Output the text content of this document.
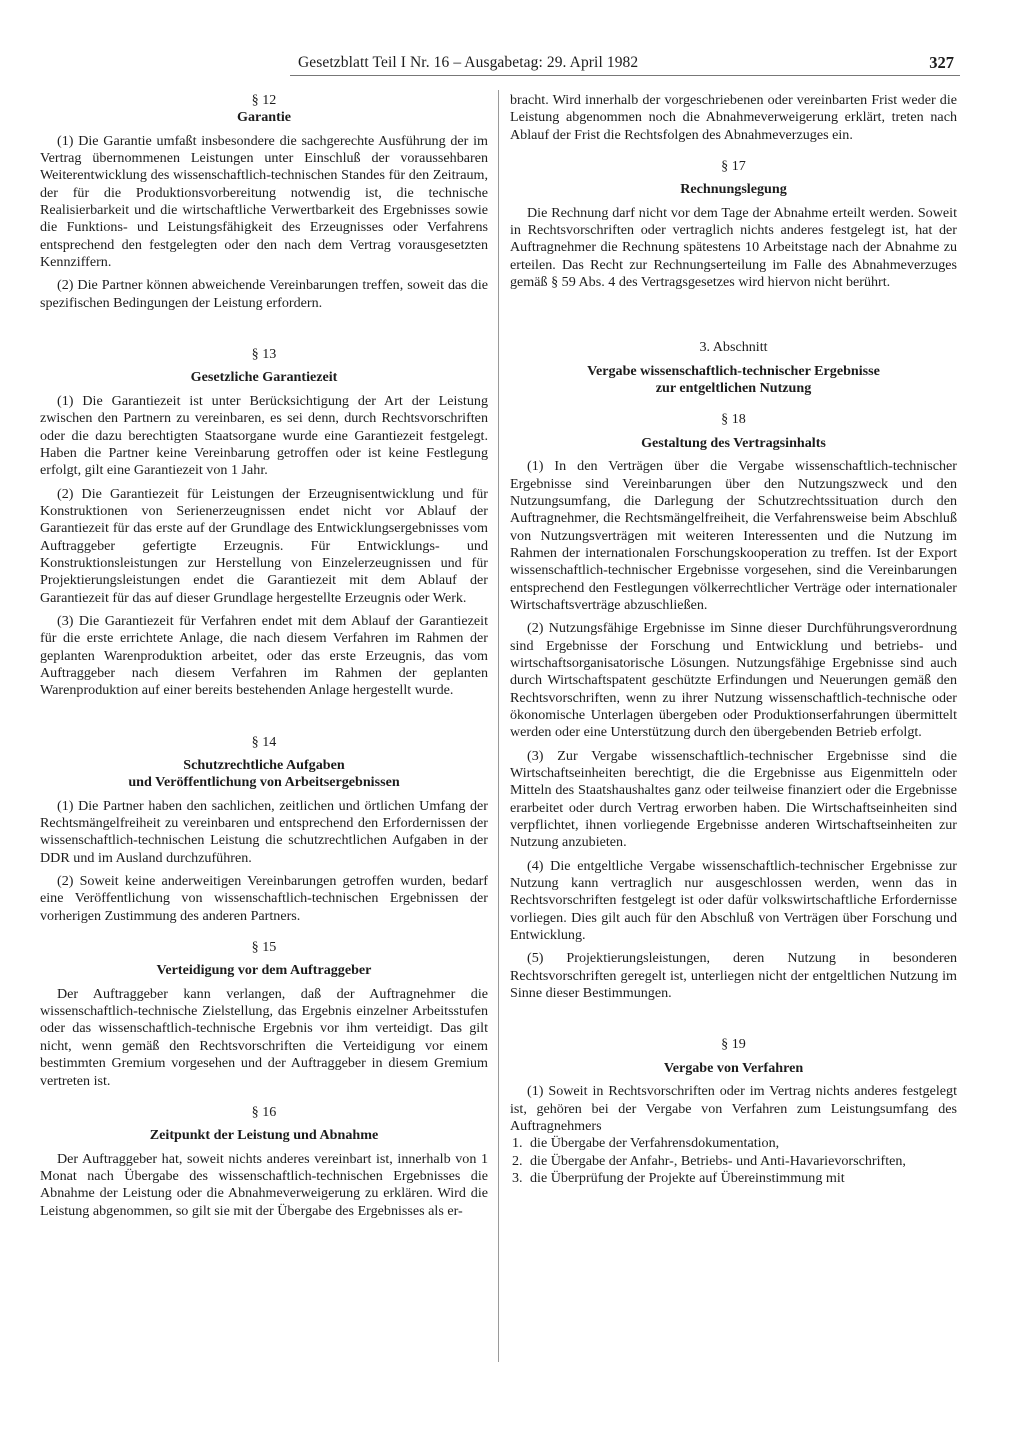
Gesetzblatt Teil I Nr. 16 – Ausgabetag: 29. April 1982	327
§ 12
Garantie

(1) Die Garantie umfaßt insbesondere die sachgerechte Ausführung der im Vertrag übernommenen Leistungen unter Einschluß der voraussehbaren Weiterentwicklung des wissenschaftlich-technischen Standes für den Zeitraum, der für die Produktionsvorbereitung notwendig ist, die technische Realisierbarkeit und die wirtschaftliche Verwertbarkeit des Ergebnisses sowie die Funktions- und Leistungsfähigkeit des Erzeugnisses oder Verfahrens entsprechend den festgelegten oder den nach dem Vertrag vorausgesetzten Kennziffern.

(2) Die Partner können abweichende Vereinbarungen treffen, soweit das die spezifischen Bedingungen der Leistung erfordern.

§ 13
Gesetzliche Garantiezeit

(1) Die Garantiezeit ist unter Berücksichtigung der Art der Leistung zwischen den Partnern zu vereinbaren, es sei denn, durch Rechtsvorschriften oder die dazu berechtigten Staatsorgane wurde eine Garantiezeit festgelegt. Haben die Partner keine Vereinbarung getroffen oder ist keine Festlegung erfolgt, gilt eine Garantiezeit von 1 Jahr.

(2) Die Garantiezeit für Leistungen der Erzeugnisentwicklung und für Konstruktionen von Serienerzeugnissen endet nicht vor Ablauf der Garantiezeit für das erste auf der Grundlage des Entwicklungsergebnisses vom Auftraggeber gefertigte Erzeugnis. Für Entwicklungs- und Konstruktionsleistungen zur Herstellung von Einzelerzeugnissen und für Projektierungsleistungen endet die Garantiezeit mit dem Ablauf der Garantiezeit für das auf dieser Grundlage hergestellte Erzeugnis oder Werk.

(3) Die Garantiezeit für Verfahren endet mit dem Ablauf der Garantiezeit für die erste errichtete Anlage, die nach diesem Verfahren im Rahmen der geplanten Warenproduktion arbeitet, oder das erste Erzeugnis, das vom Auftraggeber nach diesem Verfahren im Rahmen der geplanten Warenproduktion auf einer bereits bestehenden Anlage hergestellt wurde.

§ 14
Schutzrechtliche Aufgaben
und Veröffentlichung von Arbeitsergebnissen

(1) Die Partner haben den sachlichen, zeitlichen und örtlichen Umfang der Rechtsmängelfreiheit zu vereinbaren und entsprechend den Erfordernissen der wissenschaftlich-technischen Leistung die schutzrechtlichen Aufgaben in der DDR und im Ausland durchzuführen.

(2) Soweit keine anderweitigen Vereinbarungen getroffen wurden, bedarf eine Veröffentlichung von wissenschaftlich-technischen Ergebnissen der vorherigen Zustimmung des anderen Partners.

§ 15
Verteidigung vor dem Auftraggeber

Der Auftraggeber kann verlangen, daß der Auftragnehmer die wissenschaftlich-technische Zielstellung, das Ergebnis einzelner Arbeitsstufen oder das wissenschaftlich-technische Ergebnis vor ihm verteidigt. Das gilt nicht, wenn gemäß den Rechtsvorschriften die Verteidigung vor einem bestimmten Gremium vorgesehen und der Auftraggeber in diesem Gremium vertreten ist.

§ 16
Zeitpunkt der Leistung und Abnahme

Der Auftraggeber hat, soweit nichts anderes vereinbart ist, innerhalb von 1 Monat nach Übergabe des wissenschaftlich-technischen Ergebnisses die Abnahme der Leistung oder die Abnahmeverweigerung zu erklären. Wird die Leistung abgenommen, so gilt sie mit der Übergabe des Ergebnisses als er-

bracht. Wird innerhalb der vorgeschriebenen oder vereinbarten Frist weder die Leistung abgenommen noch die Abnahmeverweigerung erklärt, treten nach Ablauf der Frist die Rechtsfolgen des Abnahmeverzuges ein.

§ 17
Rechnungslegung

Die Rechnung darf nicht vor dem Tage der Abnahme erteilt werden. Soweit in Rechtsvorschriften oder vertraglich nichts anderes festgelegt ist, hat der Auftragnehmer die Rechnung spätestens 10 Arbeitstage nach der Abnahme zu erteilen. Das Recht zur Rechnungserteilung im Falle des Abnahmeverzuges gemäß § 59 Abs. 4 des Vertragsgesetzes wird hiervon nicht berührt.

3. Abschnitt
Vergabe wissenschaftlich-technischer Ergebnisse
zur entgeltlichen Nutzung
§ 18
Gestaltung des Vertragsinhalts

(1) In den Verträgen über die Vergabe wissenschaftlich-technischer Ergebnisse sind Vereinbarungen über den Nutzungszweck und den Nutzungsumfang, die Darlegung der Schutzrechtssituation durch den Auftragnehmer, die Rechtsmängelfreiheit, die Verfahrensweise beim Abschluß von Nutzungsverträgen mit weiteren Interessenten und die Nutzung im Rahmen der internationalen Forschungskooperation zu treffen. Ist der Export wissenschaftlich-technischer Ergebnisse vorgesehen, sind die Vereinbarungen entsprechend den Festlegungen völkerrechtlicher Verträge oder internationaler Wirtschaftsverträge abzuschließen.

(2) Nutzungsfähige Ergebnisse im Sinne dieser Durchführungsverordnung sind Ergebnisse der Forschung und Entwicklung und betriebs- und wirtschaftsorganisatorische Lösungen. Nutzungsfähige Ergebnisse sind auch durch Wirtschaftspatent geschützte Erfindungen und Neuerungen gemäß den Rechtsvorschriften, wenn zu ihrer Nutzung wissenschaftlich-technische oder ökonomische Unterlagen übergeben oder Produktionserfahrungen übermittelt werden oder eine Unterstützung durch den übergebenden Betrieb erfolgt.

(3) Zur Vergabe wissenschaftlich-technischer Ergebnisse sind die Wirtschaftseinheiten berechtigt, die die Ergebnisse aus Eigenmitteln oder Mitteln des Staatshaushaltes ganz oder teilweise finanziert oder die Ergebnisse erarbeitet oder durch Vertrag erworben haben. Die Wirtschaftseinheiten sind verpflichtet, ihnen vorliegende Ergebnisse anderen Wirtschaftseinheiten zur Nutzung anzubieten.

(4) Die entgeltliche Vergabe wissenschaftlich-technischer Ergebnisse zur Nutzung kann vertraglich nur ausgeschlossen werden, wenn das in Rechtsvorschriften festgelegt ist oder dafür volkswirtschaftliche Erfordernisse vorliegen. Dies gilt auch für den Abschluß von Verträgen über Forschung und Entwicklung.

(5) Projektierungsleistungen, deren Nutzung in besonderen Rechtsvorschriften geregelt ist, unterliegen nicht der entgeltlichen Nutzung im Sinne dieser Bestimmungen.

§ 19
Vergabe von Verfahren

(1) Soweit in Rechtsvorschriften oder im Vertrag nichts anderes festgelegt ist, gehören bei der Vergabe von Verfahren zum Leistungsumfang des Auftragnehmers

1. die Übergabe der Verfahrensdokumentation,
2. die Übergabe der Anfahr-, Betriebs- und Anti-Havarievorschriften,
3. die Überprüfung der Projekte auf Übereinstimmung mit
